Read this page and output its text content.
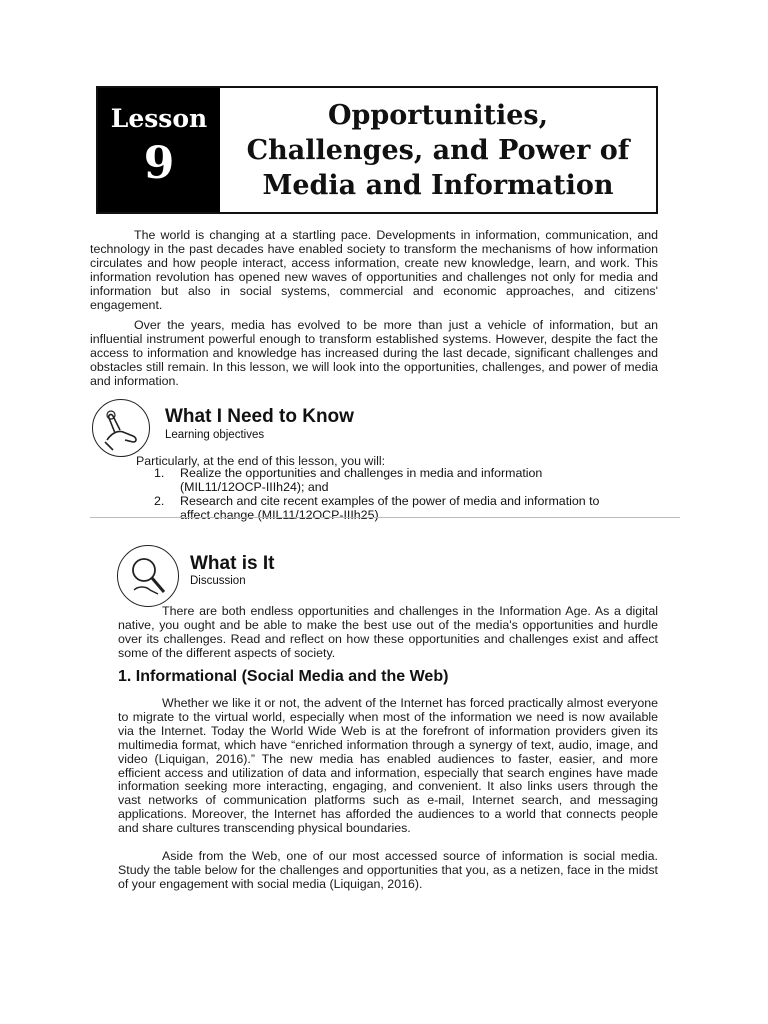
Lesson
9
Opportunities,
Challenges, and Power of
Media and Information

The world is changing at a startling pace. Developments in information, communication, and technology in the past decades have enabled society to transform the mechanisms of how information circulates and how people interact, access information, create new knowledge, learn, and work. This information revolution has opened new waves of opportunities and challenges not only for media and information but also in social systems, commercial and economic approaches, and citizens' engagement.

Over the years, media has evolved to be more than just a vehicle of information, but an influential instrument powerful enough to transform established systems. However, despite the fact the access to information and knowledge has increased during the last decade, significant challenges and obstacles still remain. In this lesson, we will look into the opportunities, challenges, and power of media and information.

What I Need to Know

Learning objectives

Particularly, at the end of this lesson, you will:

1.	Realize the opportunities and challenges in media and information
(MIL11/12OCP-IIIh24); and
2.	Research and cite recent examples of the power of media and information to
affect change (MIL11/12OCP-IIIh25)
What is It

Discussion

There are both endless opportunities and challenges in the Information Age. As a digital native, you ought and be able to make the best use out of the media's opportunities and hurdle over its challenges. Read and reflect on how these opportunities and challenges exist and affect some of the different aspects of society.

1. Informational (Social Media and the Web)

Whether we like it or not, the advent of the Internet has forced practically almost everyone to migrate to the virtual world, especially when most of the information we need is now available via the Internet. Today the World Wide Web is at the forefront of information providers given its multimedia format, which have “enriched information through a synergy of text, audio, image, and video (Liquigan, 2016).” The new media has enabled audiences to faster, easier, and more efficient access and utilization of data and information, especially that search engines have made information seeking more interacting, engaging, and convenient. It also links users through the vast networks of communication platforms such as e-mail, Internet search, and messaging applications. Moreover, the Internet has afforded the audiences to a world that connects people and share cultures transcending physical boundaries.

Aside from the Web, one of our most accessed source of information is social media. Study the table below for the challenges and opportunities that you, as a netizen, face in the midst of your engagement with social media (Liquigan, 2016).
